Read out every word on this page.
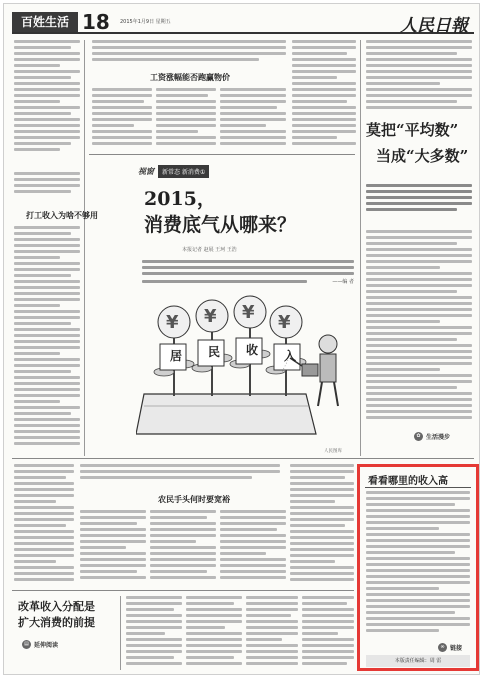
百姓生活 18 2015年1月9日 星期五	人民日報
打工收入为啥不够用
工资涨幅能否跑赢物价
视窗	新常态 新消费①
2015，
消费底气从哪来？
本报记者 赵展 王珂 王浩
——编 者
¥ ¥ ¥ ¥
居	民	收	入
人民图库
莫把“平均数”
当成“大多数”
✿ 生活漫步
农民手头何时要宽裕
改革收入分配是
扩大消费的前提
▤ 延伸阅读
看看哪里的收入高
∞ 链接
本版责任编辑：周 雷
